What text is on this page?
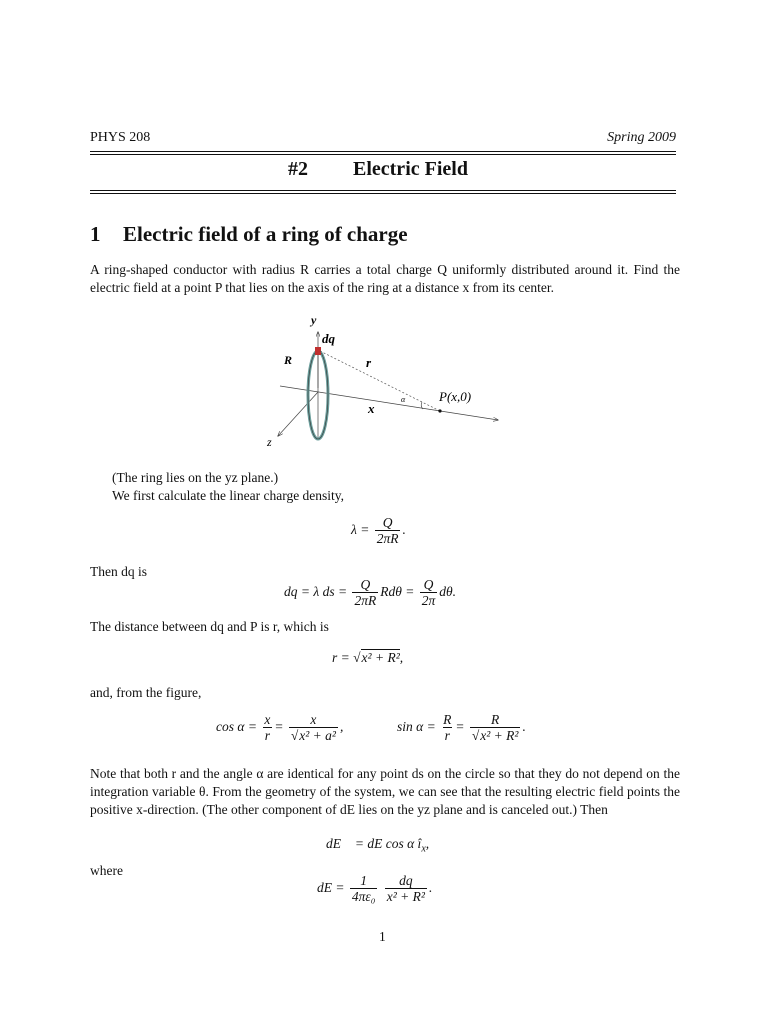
PHYS 208	Spring 2009
#2 Electric Field
1 Electric field of a ring of charge
A ring-shaped conductor with radius R carries a total charge Q uniformly distributed around it. Find the electric field at a point P that lies on the axis of the ring at a distance x from its center.
y
dq
R	r
α	P(x,0)
x
z
(The ring lies on the yz plane.)
We first calculate the linear charge density,
$\lambda = \frac{Q}{2\pi R}$ .
Then dq is
dq = λ ds = $\frac{Q}{2\pi R}$ $Rd\theta = \frac{Q}{2\pi} d\theta$.
The distance between dq and P is r, which is
r = √x² + R²,
and, from the figure,
$\cos \alpha = \frac{x}{r} = \frac{x}{\text{√x² + a²}}$ ,	$\sin \alpha = \frac{R}{r} = \frac{R}{\text{√x² + R²}}$ .
Note that both r and the angle α are identical for any point ds on the circle so that they do not depend on the integration variable θ. From the geometry of the system, we can see that the resulting electric field points the positive x-direction. (The other component of dE lies on the yz plane and is canceled out.) Then
dE⃗ = dE cos α $î_x$,
where
dE = $\frac{1}{\text{4πε₀}}$
$\frac{dq}{\text{x² + R²}}$ .
1
